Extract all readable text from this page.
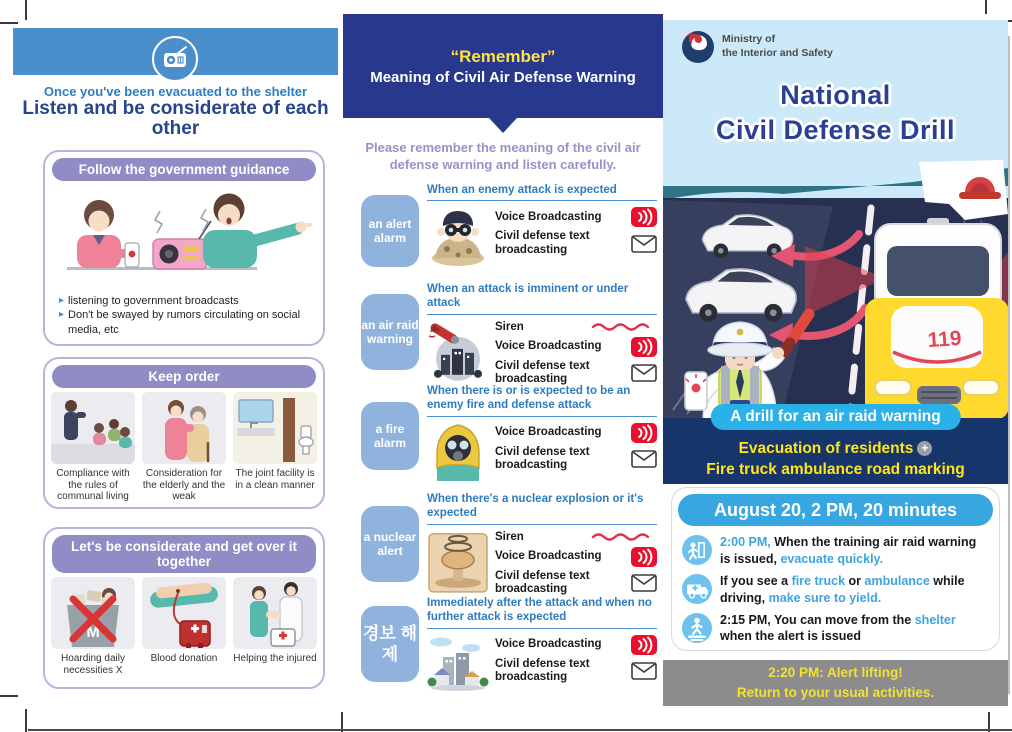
Once you've been evacuated to the shelter
Listen and be considerate of each other
Follow the government guidance
▸ listening to government broadcasts
▸ Don't be swayed by rumors circulating on social media, etc
Keep order
Compliance with the rules of communal living
Consideration for the elderly and the weak
The joint facility is in a clean manner
Let's be considerate and get over it together
M
Hoarding daily necessities X
Blood donation	Helping the injured
“Remember”
Meaning of Civil Air Defense Warning
Please remember the meaning of the civil air defense warning and listen carefully.
an alert alarm
When an enemy attack is expected
Voice Broadcasting
Civil defense text broadcasting
an air raid warning
When an attack is imminent or under attack
Siren
Voice Broadcasting
Civil defense text broadcasting
a fire alarm
When there is or is expected to be an enemy fire and defense attack
Voice Broadcasting
Civil defense text broadcasting
a nuclear alert
When there's a nuclear explosion or it's expected
Siren
Voice Broadcasting
Civil defense text broadcasting
경보 해제
Immediately after the attack and when no further attack is expected
Voice Broadcasting
Civil defense text broadcasting
Ministry of
the Interior and Safety
National
Civil Defense Drill
119
A drill for an air raid warning
Evacuation of residents +
Fire truck ambulance road marking
August 20, 2 PM, 20 minutes
2:00 PM, When the training air raid warning is issued, evacuate quickly.
If you see a fire truck or ambulance while driving, make sure to yield.
2:15 PM, You can move from the shelter when the alert is issued
2:20 PM: Alert lifting!
Return to your usual activities.
